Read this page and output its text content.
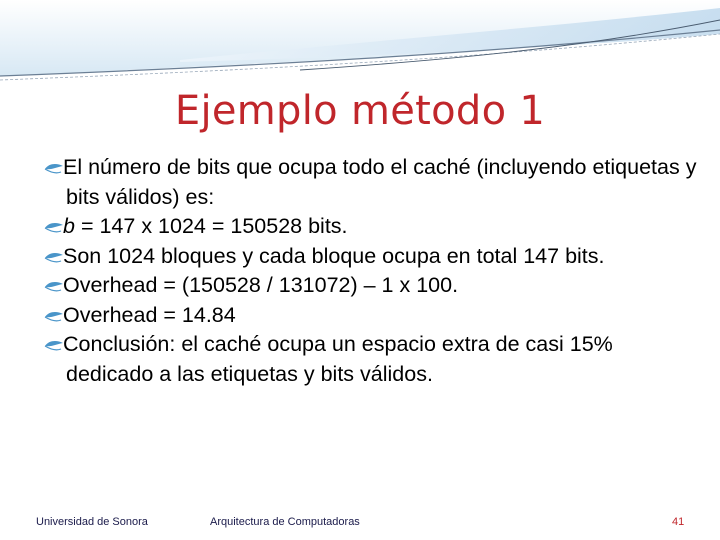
Ejemplo método 1
El número de bits que ocupa todo el caché (incluyendo etiquetas y bits válidos) es:
b = 147 x 1024 = 150528 bits.
Son 1024 bloques y cada bloque ocupa en total 147 bits.
Overhead = (150528 / 131072) – 1 x 100.
Overhead = 14.84
Conclusión: el caché ocupa un espacio extra de casi 15% dedicado a las etiquetas y bits válidos.
Universidad de Sonora	Arquitectura de Computadoras	41
